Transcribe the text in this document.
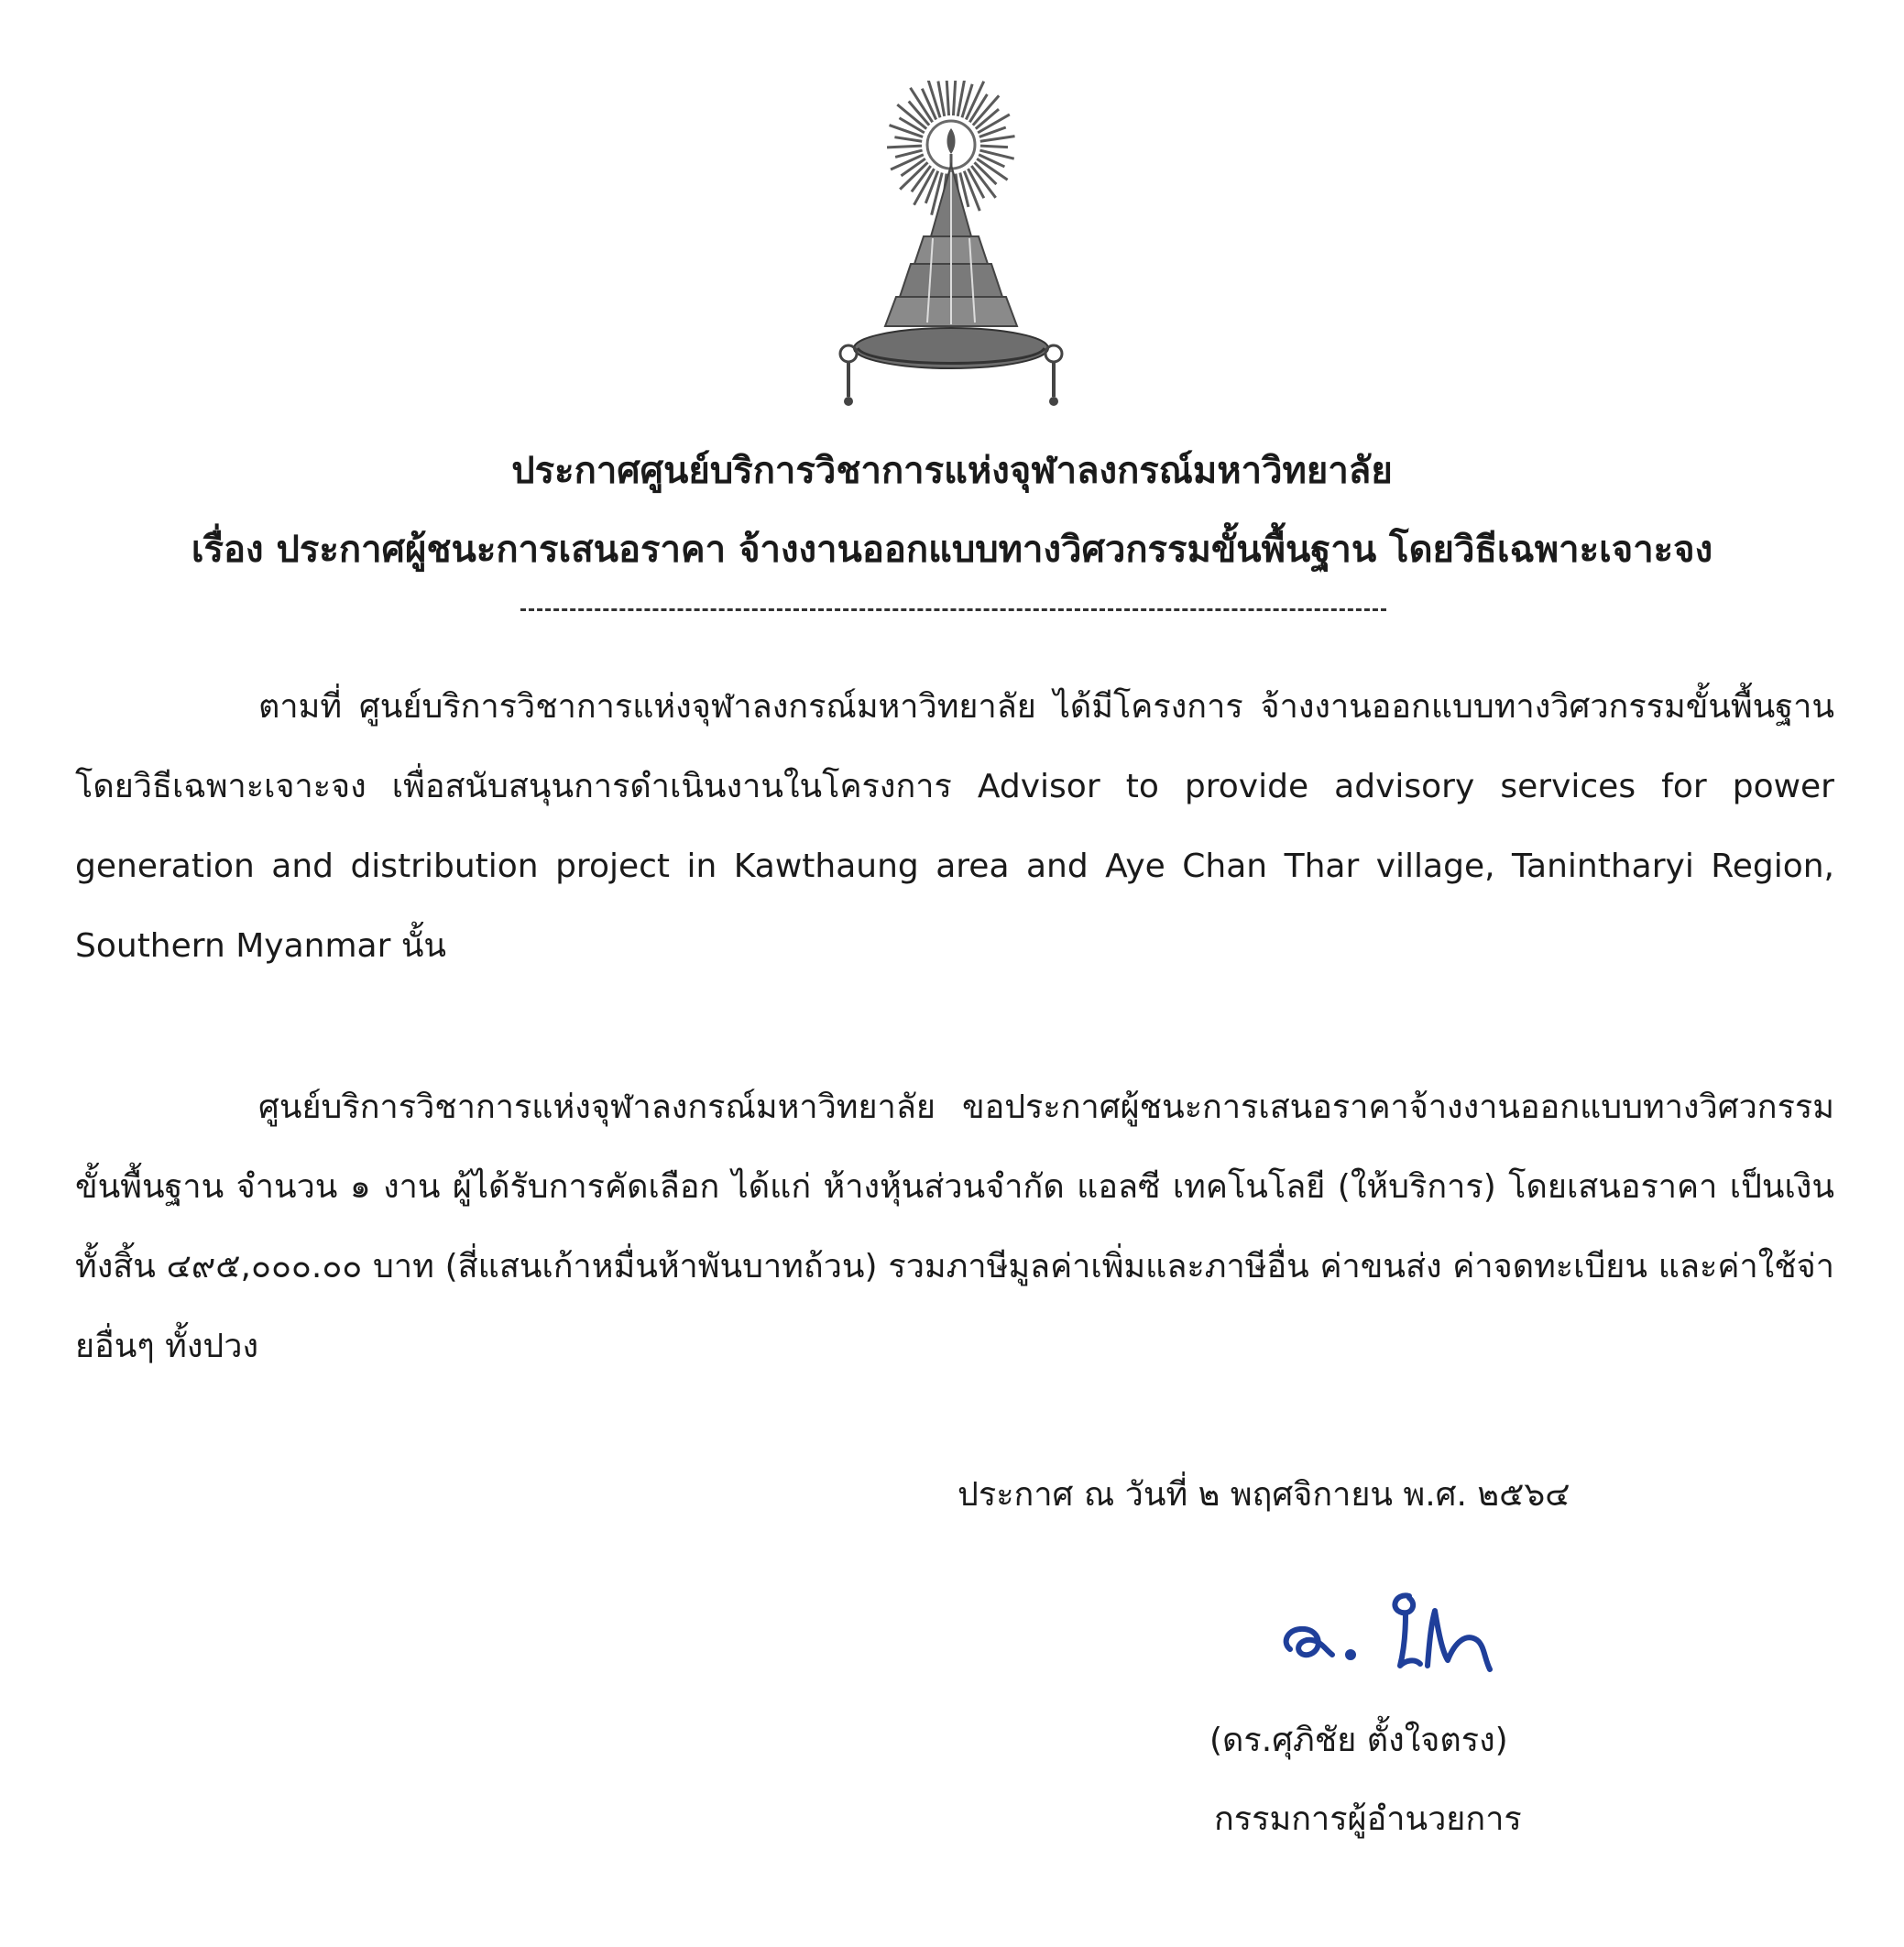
ประกาศศูนย์บริการวิชาการแห่งจุฬาลงกรณ์มหาวิทยาลัย
เรื่อง ประกาศผู้ชนะการเสนอราคา จ้างงานออกแบบทางวิศวกรรมขั้นพื้นฐาน โดยวิธีเฉพาะเจาะจง
ตามที่ ศูนย์บริการวิชาการแห่งจุฬาลงกรณ์มหาวิทยาลัย ได้มีโครงการ จ้างงานออกแบบทางวิศวกรรมขั้นพื้นฐาน โดยวิธีเฉพาะเจาะจง เพื่อสนับสนุนการดำเนินงานในโครงการ Advisor to provide advisory services for power generation and distribution project in Kawthaung area and Aye Chan Thar village, Tanintharyi Region, Southern Myanmar นั้น
ศูนย์บริการวิชาการแห่งจุฬาลงกรณ์มหาวิทยาลัย ขอประกาศผู้ชนะการเสนอราคาจ้างงานออกแบบทางวิศวกรรมขั้นพื้นฐาน จำนวน ๑ งาน ผู้ได้รับการคัดเลือก ได้แก่ ห้างหุ้นส่วนจำกัด แอลซี เทคโนโลยี (ให้บริการ) โดยเสนอราคา เป็นเงินทั้งสิ้น ๔๙๕,๐๐๐.๐๐ บาท (สี่แสนเก้าหมื่นห้าพันบาทถ้วน) รวมภาษีมูลค่าเพิ่มและภาษีอื่น ค่าขนส่ง ค่าจดทะเบียน และค่าใช้จ่ายอื่นๆ ทั้งปวง
ประกาศ ณ วันที่ ๒ พฤศจิกายน พ.ศ. ๒๕๖๔
(ดร.ศุภิชัย ตั้งใจตรง)
กรรมการผู้อำนวยการ
